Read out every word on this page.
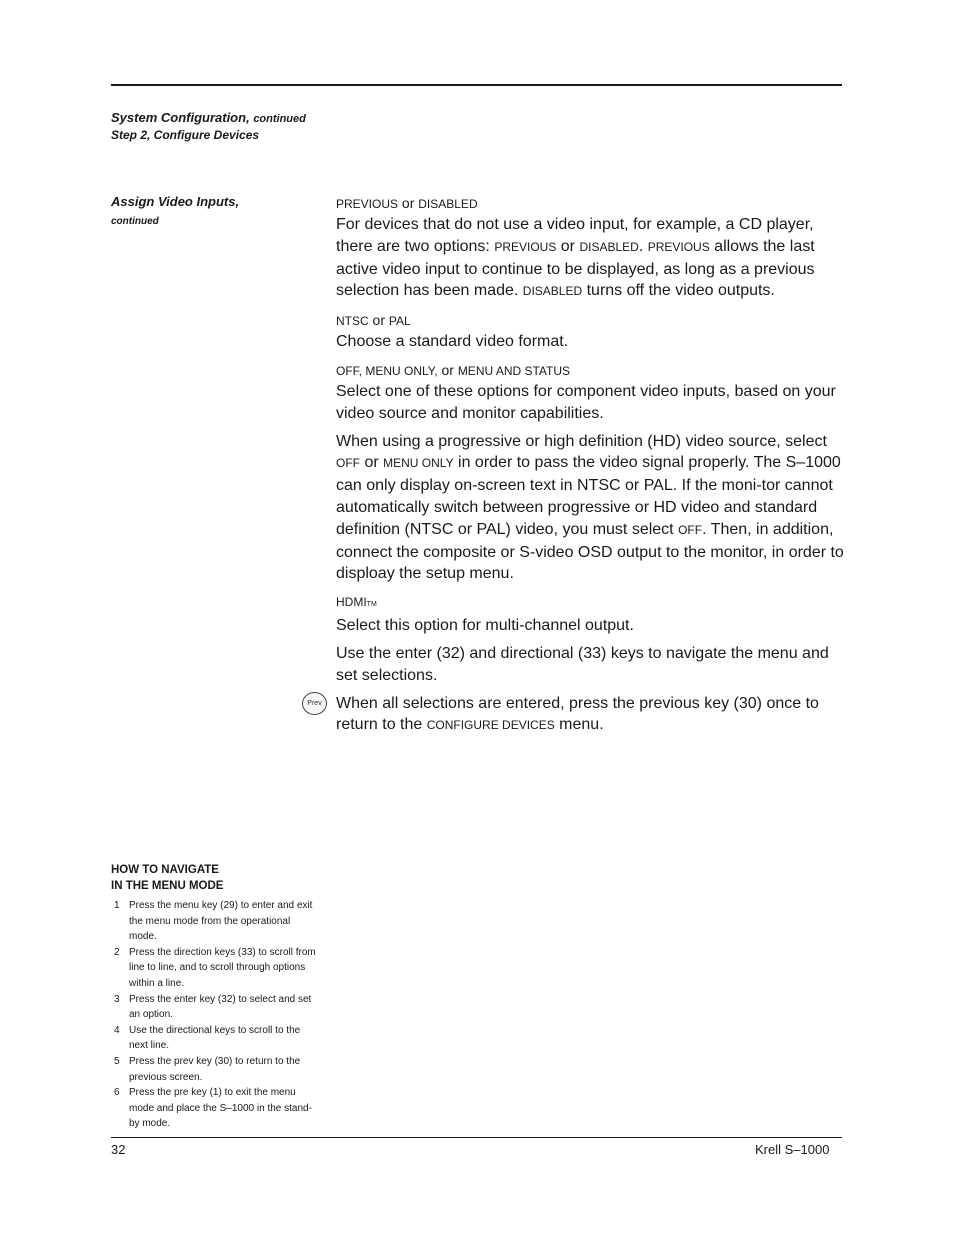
System Configuration, continued
Step 2, Configure Devices
Assign Video Inputs,
continued

PREVIOUS or DISABLED

For devices that do not use a video input, for example, a CD player, there are two options: PREVIOUS or DISABLED. PREVIOUS allows the last active video input to continue to be displayed, as long as a previous selection has been made. DISABLED turns off the video outputs.

NTSC or PAL

Choose a standard video format.

OFF, MENU ONLY, or MENU AND STATUS

Select one of these options for component video inputs, based on your video source and monitor capabilities.

When using a progressive or high definition (HD) video source, select OFF or MENU ONLY in order to pass the video signal properly. The S–1000 can only display on-screen text in NTSC or PAL. If the moni-tor cannot automatically switch between progressive or HD video and standard definition (NTSC or PAL) video, you must select OFF. Then, in addition, connect the composite or S-video OSD output to the monitor, in order to disploay the setup menu.

HDMITM

Select this option for multi-channel output.

Use the enter (32) and directional (33) keys to navigate the menu and set selections.

When all selections are entered, press the previous key (30) once to return to the CONFIGURE DEVICES menu.

Prev
HOW TO NAVIGATE
IN THE MENU MODE
1 Press the menu key (29) to enter and exit the menu mode from the operational mode.
2 Press the direction keys (33) to scroll from line to line, and to scroll through options within a line.
3 Press the enter key (32) to select and set an option.
4 Use the directional keys to scroll to the next line.
5 Press the prev key (30) to return to the previous screen.
6 Press the pre key (1) to exit the menu mode and place the S–1000 in the stand-by mode.
32	Krell S–1000
